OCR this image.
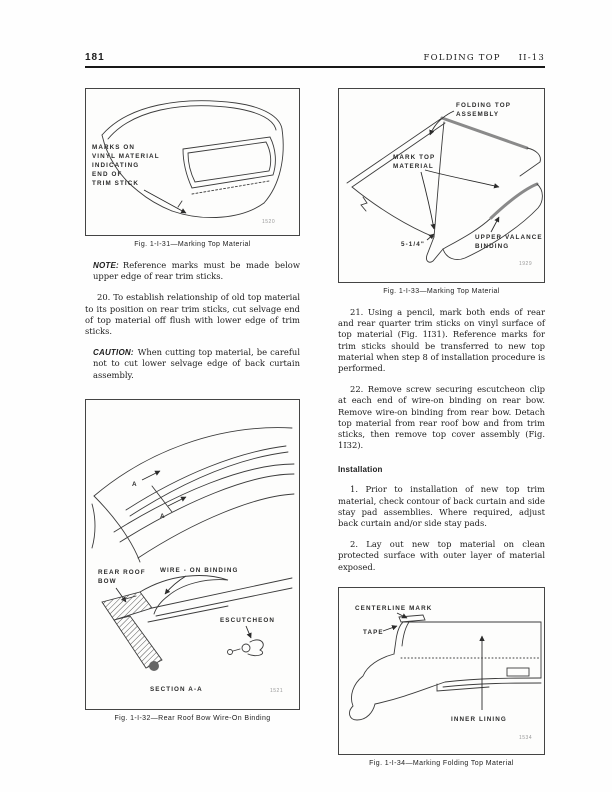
181	FOLDING TOP II-13
MARKS ON
VINYL MATERIAL
INDICATING
END OF
TRIM STICK
1520

Fig. 1-I-31—Marking Top Material

NOTE: Reference marks must be made below upper edge of rear trim sticks.

20. To establish relationship of old top material to its position on rear trim sticks, cut selvage end of top material off flush with lower edge of trim sticks.

CAUTION: When cutting top material, be careful not to cut lower selvage edge of back curtain assembly.

A
A
WIRE - ON BINDING
REAR ROOF
BOW
ESCUTCHEON
SECTION A-A	1521

Fig. 1-I-32—Rear Roof Bow Wire-On Binding

FOLDING TOP
ASSEMBLY
MARK TOP
MATERIAL
5-1/4"
UPPER VALANCE
BINDING
1929

Fig. 1-I-33—Marking Top Material

21. Using a pencil, mark both ends of rear and rear quarter trim sticks on vinyl surface of top material (Fig. 1I31). Reference marks for trim sticks should be transferred to new top material when step 8 of installation procedure is performed.

22. Remove screw securing escutcheon clip at each end of wire-on binding on rear bow. Remove wire-on binding from rear bow. Detach top material from rear roof bow and from trim sticks, then remove top cover assembly (Fig. 1I32).

Installation

1. Prior to installation of new top trim material, check contour of back curtain and side stay pad assemblies. Where required, adjust back curtain and/or side stay pads.

2. Lay out new top material on clean protected surface with outer layer of material exposed.

CENTERLINE MARK
TAPE
INNER LINING
1534

Fig. 1-I-34—Marking Folding Top Material
